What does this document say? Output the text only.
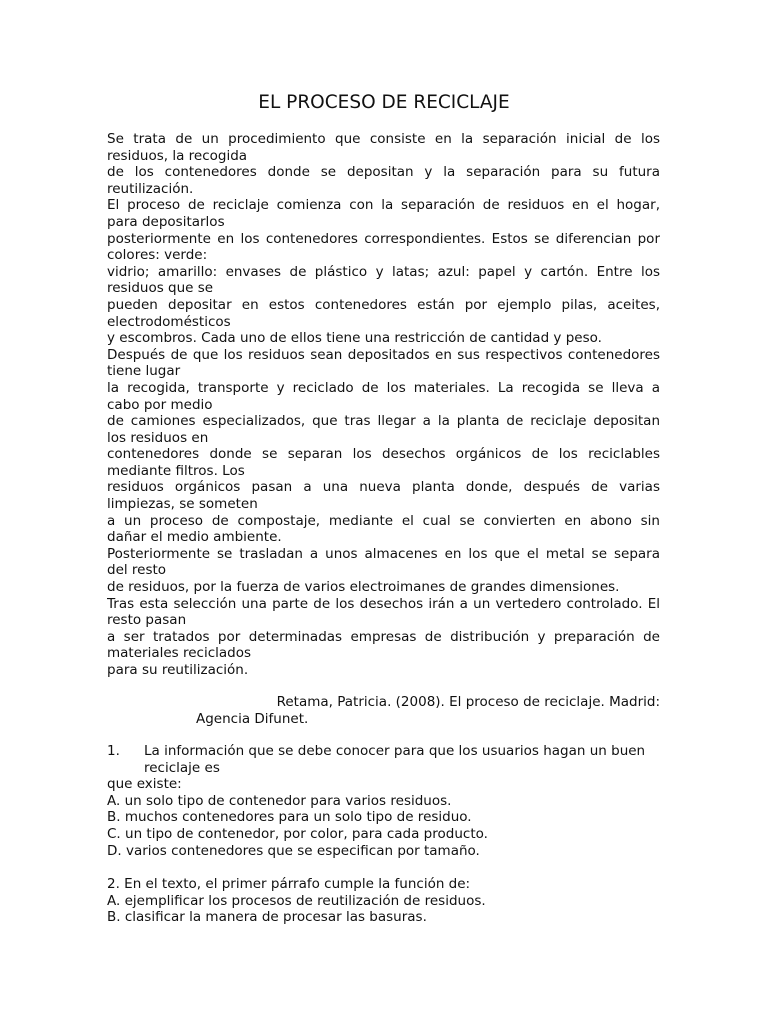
EL PROCESO DE RECICLAJE
Se trata de un procedimiento que consiste en la separación inicial de los
residuos, la recogida
de los contenedores donde se depositan y la separación para su futura
reutilización.
El proceso de reciclaje comienza con la separación de residuos en el hogar,
para depositarlos
posteriormente en los contenedores correspondientes. Estos se diferencian por
colores: verde:
vidrio; amarillo: envases de plástico y latas; azul: papel y cartón. Entre los
residuos que se
pueden depositar en estos contenedores están por ejemplo pilas, aceites,
electrodomésticos
y escombros. Cada uno de ellos tiene una restricción de cantidad y peso.
Después de que los residuos sean depositados en sus respectivos contenedores
tiene lugar
la recogida, transporte y reciclado de los materiales. La recogida se lleva a
cabo por medio
de camiones especializados, que tras llegar a la planta de reciclaje depositan
los residuos en
contenedores donde se separan los desechos orgánicos de los reciclables
mediante filtros. Los
residuos orgánicos pasan a una nueva planta donde, después de varias
limpiezas, se someten
a un proceso de compostaje, mediante el cual se convierten en abono sin
dañar el medio ambiente.
Posteriormente se trasladan a unos almacenes en los que el metal se separa
del resto
de residuos, por la fuerza de varios electroimanes de grandes dimensiones.
Tras esta selección una parte de los desechos irán a un vertedero controlado. El
resto pasan
a ser tratados por determinadas empresas de distribución y preparación de
materiales reciclados
para su reutilización.
Retama, Patricia. (2008). El proceso de reciclaje. Madrid:
Agencia Difunet.
1. La información que se debe conocer para que los usuarios hagan un buen
reciclaje es
que existe:
A. un solo tipo de contenedor para varios residuos.
B. muchos contenedores para un solo tipo de residuo.
C. un tipo de contenedor, por color, para cada producto.
D. varios contenedores que se especifican por tamaño.
2. En el texto, el primer párrafo cumple la función de:
A. ejemplificar los procesos de reutilización de residuos.
B. clasificar la manera de procesar las basuras.
